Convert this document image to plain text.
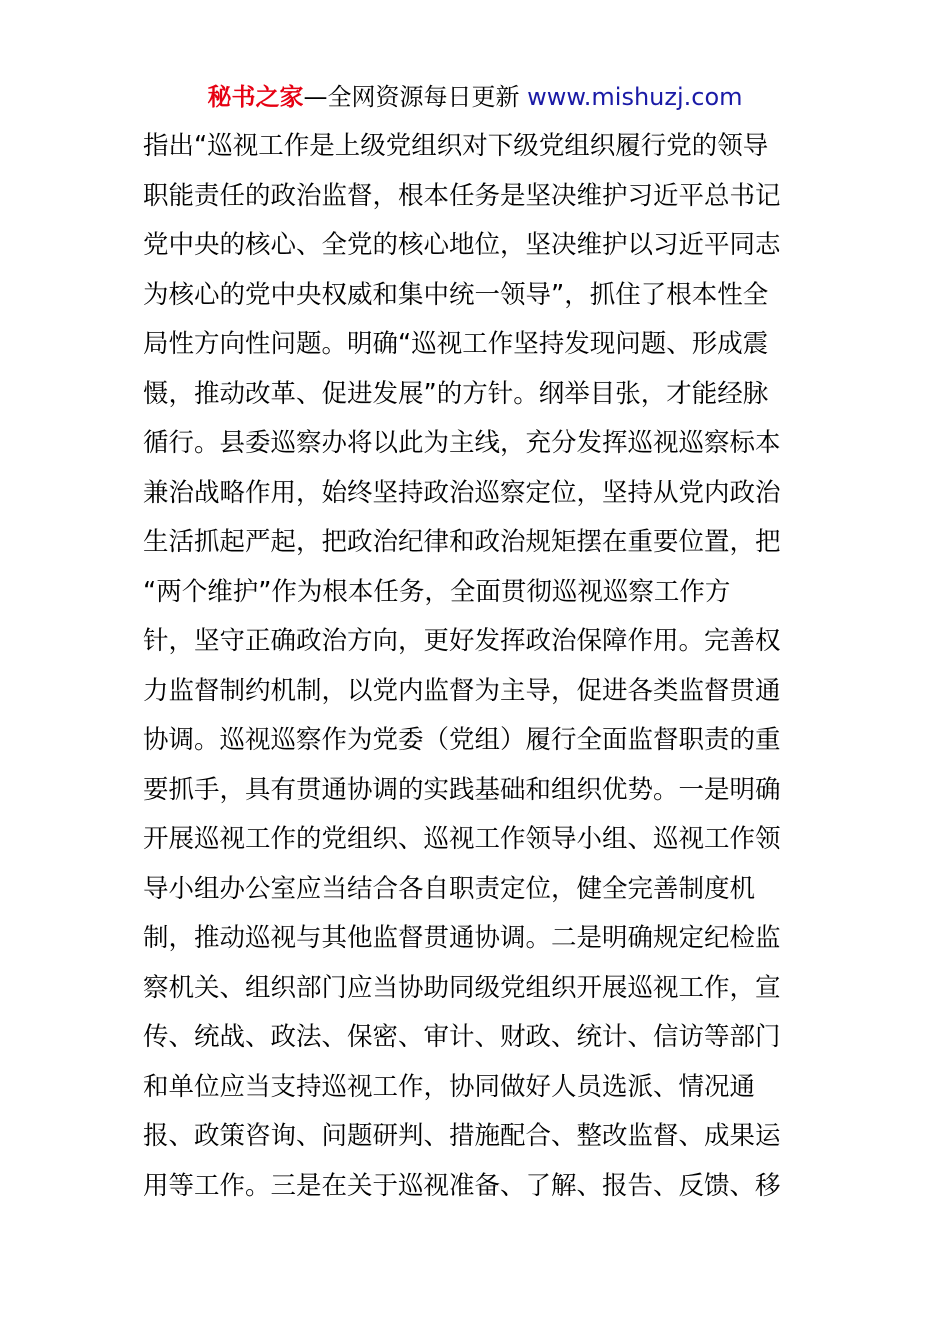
秘书之家—全网资源每日更新 www.mishuzj.com
指出“巡视工作是上级党组织对下级党组织履行党的领导
职能责任的政治监督，根本任务是坚决维护习近平总书记
党中央的核心、全党的核心地位，坚决维护以习近平同志
为核心的党中央权威和集中统一领导”，抓住了根本性全
局性方向性问题。明确“巡视工作坚持发现问题、形成震
慑，推动改革、促进发展”的方针。纲举目张，才能经脉
循行。县委巡察办将以此为主线，充分发挥巡视巡察标本
兼治战略作用，始终坚持政治巡察定位，坚持从党内政治
生活抓起严起，把政治纪律和政治规矩摆在重要位置，把
“两个维护”作为根本任务，全面贯彻巡视巡察工作方
针，坚守正确政治方向，更好发挥政治保障作用。完善权
力监督制约机制，以党内监督为主导，促进各类监督贯通
协调。巡视巡察作为党委（党组）履行全面监督职责的重
要抓手，具有贯通协调的实践基础和组织优势。一是明确
开展巡视工作的党组织、巡视工作领导小组、巡视工作领
导小组办公室应当结合各自职责定位，健全完善制度机
制，推动巡视与其他监督贯通协调。二是明确规定纪检监
察机关、组织部门应当协助同级党组织开展巡视工作，宣
传、统战、政法、保密、审计、财政、统计、信访等部门
和单位应当支持巡视工作，协同做好人员选派、情况通
报、政策咨询、问题研判、措施配合、整改监督、成果运
用等工作。三是在关于巡视准备、了解、报告、反馈、移
